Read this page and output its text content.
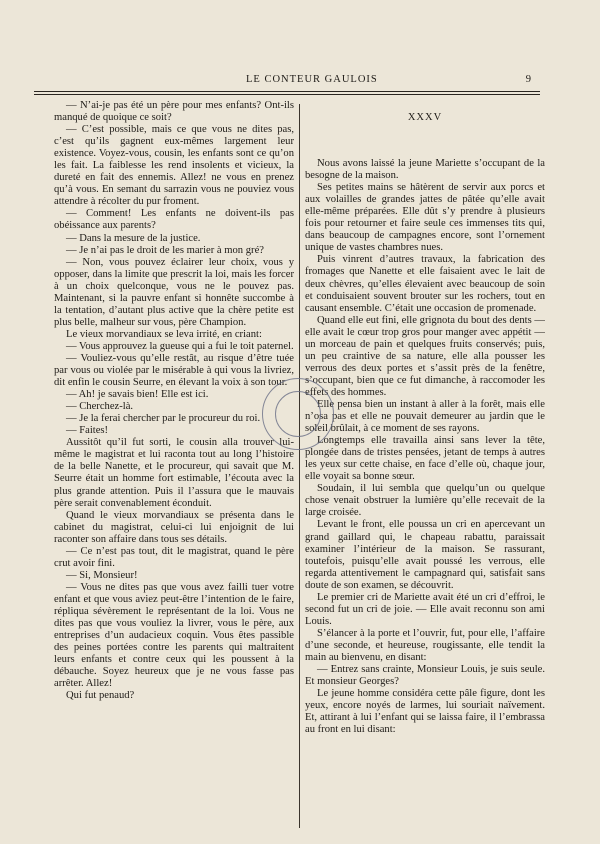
LE CONTEUR GAULOIS	9

— N’ai-je pas été un père pour mes enfants? Ont-ils manqué de quoique ce soit?

— C’est possible, mais ce que vous ne dites pas, c’est qu’ils gagnent eux-mêmes largement leur existence. Voyez-vous, cousin, les enfants sont ce qu’on les fait. La faiblesse les rend insolents et vicieux, la dureté en fait des ennemis. Allez! ne vous en prenez qu’à vous. En semant du sarrazin vous ne pouviez vous attendre à récolter du pur froment.

— Comment! Les enfants ne doivent-ils pas obéissance aux parents?

— Dans la mesure de la justice.

— Je n’ai pas le droit de les marier à mon gré?

— Non, vous pouvez éclairer leur choix, vous y opposer, dans la limite que prescrit la loi, mais les forcer à un choix quelconque, vous ne le pouvez pas. Maintenant, si la pauvre enfant si honnête succombe à la tentation, d’autant plus active que la chère petite est plus belle, malheur sur vous, père Champion.

Le vieux morvandiaux se leva irrité, en criant:

— Vous approuvez la gueuse qui a fui le toit paternel.

— Vouliez-vous qu’elle restât, au risque d’être tuée par vous ou violée par le misérable à qui vous la livriez, dit enfin le cousin Seurre, en élevant la voix à son tour.

— Ah! je savais bien! Elle est ici.

— Cherchez-là.

— Je la ferai chercher par le procureur du roi.

— Faites!

Aussitôt qu’il fut sorti, le cousin alla trouver lui-même le magistrat et lui raconta tout au long l’histoire de la belle Nanette, et le procureur, qui savait que M. Seurre était un homme fort estimable, l’écouta avec la plus grande attention. Puis il l’assura que le mauvais père serait convenablement éconduit.

Quand le vieux morvandiaux se présenta dans le cabinet du magistrat, celui-ci lui enjoignit de lui raconter son affaire dans tous ses détails.

— Ce n’est pas tout, dit le magistrat, quand le père crut avoir fini.

— Si, Monsieur!

— Vous ne dites pas que vous avez failli tuer votre enfant et que vous aviez peut-être l’intention de le faire, répliqua sévèrement le représentant de la loi. Vous ne dites pas que vous vouliez la livrer, vous le père, aux entreprises d’un audacieux coquin. Vous êtes passible des peines portées contre les parents qui maltraitent leurs enfants et contre ceux qui les poussent à la débauche. Soyez heureux que je ne vous fasse pas arrêter. Allez!

Qui fut penaud?

XXXV

Nous avons laissé la jeune Mariette s’occupant de la besogne de la maison.

Ses petites mains se hâtèrent de servir aux porcs et aux volailles de grandes jattes de pâtée qu’elle avait elle-même préparées. Elle dût s’y prendre à plusieurs fois pour retourner et faire seule ces immenses tits qui, dans beaucoup de campagnes encore, sont l’ornement unique de vastes chambres nues.

Puis vinrent d’autres travaux, la fabrication des fromages que Nanette et elle faisaient avec le lait de deux chèvres, qu’elles élevaient avec beaucoup de soin et conduisaient souvent brouter sur les rochers, tout en causant ensemble. C’était une occasion de promenade.

Quand elle eut fini, elle grignota du bout des dents — elle avait le cœur trop gros pour manger avec appétit — un morceau de pain et quelques fruits conservés; puis, un peu craintive de sa nature, elle alla pousser les verrous des deux portes et s’assit près de la fenêtre, s’occupant, bien que ce fut dimanche, à raccomoder les effets des hommes.

Elle pensa bien un instant à aller à la forêt, mais elle n’osa pas et elle ne pouvait demeurer au jardin que le soleil brûlait, à ce moment de ses rayons.

Longtemps elle travailla ainsi sans lever la tête, plongée dans de tristes pensées, jetant de temps à autres les yeux sur cette chaise, en face d’elle où, chaque jour, elle voyait sa bonne sœur.

Soudain, il lui sembla que quelqu’un ou quelque chose venait obstruer la lumière qu’elle recevait de la large croisée.

Levant le front, elle poussa un cri en apercevant un grand gaillard qui, le chapeau rabattu, paraissait examiner l’intérieur de la maison. Se rassurant, toutefois, puisqu’elle avait poussé les verrous, elle regarda attentivement le campagnard qui, satisfait sans doute de son examen, se découvrit.

Le premier cri de Mariette avait été un cri d’effroi, le second fut un cri de joie. — Elle avait reconnu son ami Louis.

S’élancer à la porte et l’ouvrir, fut, pour elle, l’affaire d’une seconde, et heureuse, rougissante, elle tendit la main au bienvenu, en disant:

— Entrez sans crainte, Monsieur Louis, je suis seule. Et monsieur Georges?

Le jeune homme considéra cette pâle figure, dont les yeux, encore noyés de larmes, lui souriait naïvement. Et, attirant à lui l’enfant qui se laissa faire, il l’embrassa au front en lui disant:
